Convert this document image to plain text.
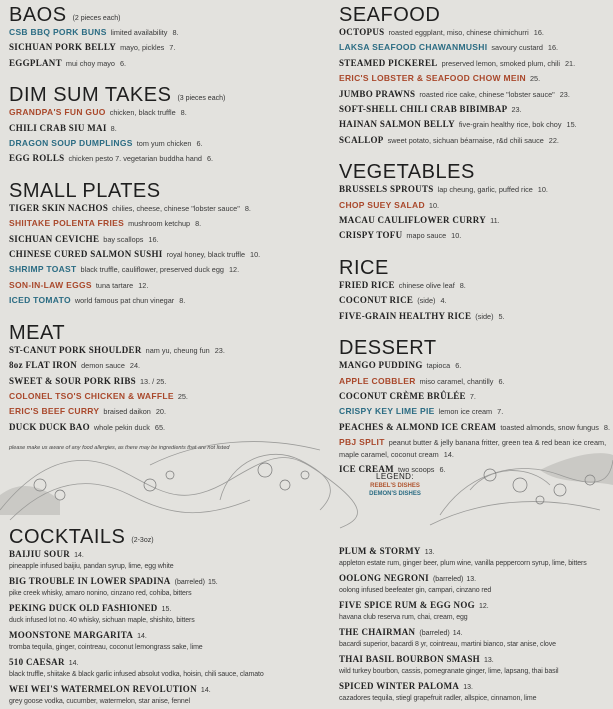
BAOS (2 pieces each)
CSB BBQ PORK BUNS limited availability 8.
SICHUAN PORK BELLY mayo, pickles 7.
EGGPLANT mui choy mayo 6.
DIM SUM TAKES (3 pieces each)
GRANDPA'S FUN GUO chicken, black truffle 8.
CHILI CRAB SIU MAI 8.
DRAGON SOUP DUMPLINGS tom yum chicken 6.
EGG ROLLS chicken pesto 7. vegetarian buddha hand 6.
SMALL PLATES
TIGER SKIN NACHOS chilies, cheese, chinese "lobster sauce" 8.
SHIITAKE POLENTA FRIES mushroom ketchup 8.
SICHUAN CEVICHE bay scallops 16.
CHINESE CURED SALMON SUSHI royal honey, black truffle 10.
SHRIMP TOAST black truffle, cauliflower, preserved duck egg 12.
SON-IN-LAW EGGS tuna tartare 12.
ICED TOMATO world famous pat chun vinegar 8.
MEAT
ST-CANUT PORK SHOULDER nam yu, cheung fun 23.
8oz FLAT IRON demon sauce 24.
SWEET & SOUR PORK RIBS 13. / 25.
COLONEL TSO'S CHICKEN & WAFFLE 25.
ERIC'S BEEF CURRY braised daikon 20.
DUCK DUCK BAO whole pekin duck 65.
please make us aware of any food allergies, as there may be ingredients that are not listed
SEAFOOD
OCTOPUS roasted eggplant, miso, chinese chimichurri 16.
LAKSA SEAFOOD CHAWANMUSHI savoury custard 16.
STEAMED PICKEREL preserved lemon, smoked plum, chili 21.
ERIC'S LOBSTER & SEAFOOD CHOW MEIN 25.
JUMBO PRAWNS roasted rice cake, chinese "lobster sauce" 23.
SOFT-SHELL CHILI CRAB BIBIMBAP 23.
HAINAN SALMON BELLY five-grain healthy rice, bok choy 15.
SCALLOP sweet potato, sichuan béarnaise, r&d chili sauce 22.
VEGETABLES
BRUSSELS SPROUTS lap cheung, garlic, puffed rice 10.
CHOP SUEY SALAD 10.
MACAU CAULIFLOWER CURRY 11.
CRISPY TOFU mapo sauce 10.
RICE
FRIED RICE chinese olive leaf 8.
COCONUT RICE (side) 4.
FIVE-GRAIN HEALTHY RICE (side) 5.
DESSERT
MANGO PUDDING tapioca 6.
APPLE COBBLER miso caramel, chantilly 6.
COCONUT CRÈME BRÛLÉE 7.
CRISPY KEY LIME PIE lemon ice cream 7.
PEACHES & ALMOND ICE CREAM toasted almonds, snow fungus 8.
PBJ SPLIT peanut butter & jelly banana fritter, green tea & red bean ice cream, maple caramel, coconut cream 14.
ICE CREAM two scoops 6.
LEGEND:
REBEL'S DISHES
DEMON'S DISHES
COCKTAILS (2-3oz)
BAIJIU SOUR 14.
pineapple infused baijiu, pandan syrup, lime, egg white
BIG TROUBLE IN LOWER SPADINA (barreled) 15.
pike creek whisky, amaro nonino, cinzano red, cohiba, bitters
PEKING DUCK OLD FASHIONED 15.
duck infused lot no. 40 whisky, sichuan maple, shishito, bitters
MOONSTONE MARGARITA 14.
tromba tequila, ginger, cointreau, coconut lemongrass sake, lime
510 CAESAR 14.
black truffle, shiitake & black garlic infused absolut vodka, hoisin, chili sauce, clamato
WEI WEI'S WATERMELON REVOLUTION 14.
grey goose vodka, cucumber, watermelon, star anise, fennel
PLUM & STORMY 13.
appleton estate rum, ginger beer, plum wine, vanilla peppercorn syrup, lime, bitters
OOLONG NEGRONI (barreled) 13.
oolong infused beefeater gin, campari, cinzano red
FIVE SPICE RUM & EGG NOG 12.
havana club reserva rum, chai, cream, egg
THE CHAIRMAN (barreled) 14.
bacardi superior, bacardi 8 yr, cointreau, martini bianco, star anise, clove
THAI BASIL BOURBON SMASH 13.
wild turkey bourbon, cassis, pomegranate ginger, lime, lapsang, thai basil
SPICED WINTER PALOMA 13.
cazadores tequila, stiegl grapefruit radler, allspice, cinnamon, lime
